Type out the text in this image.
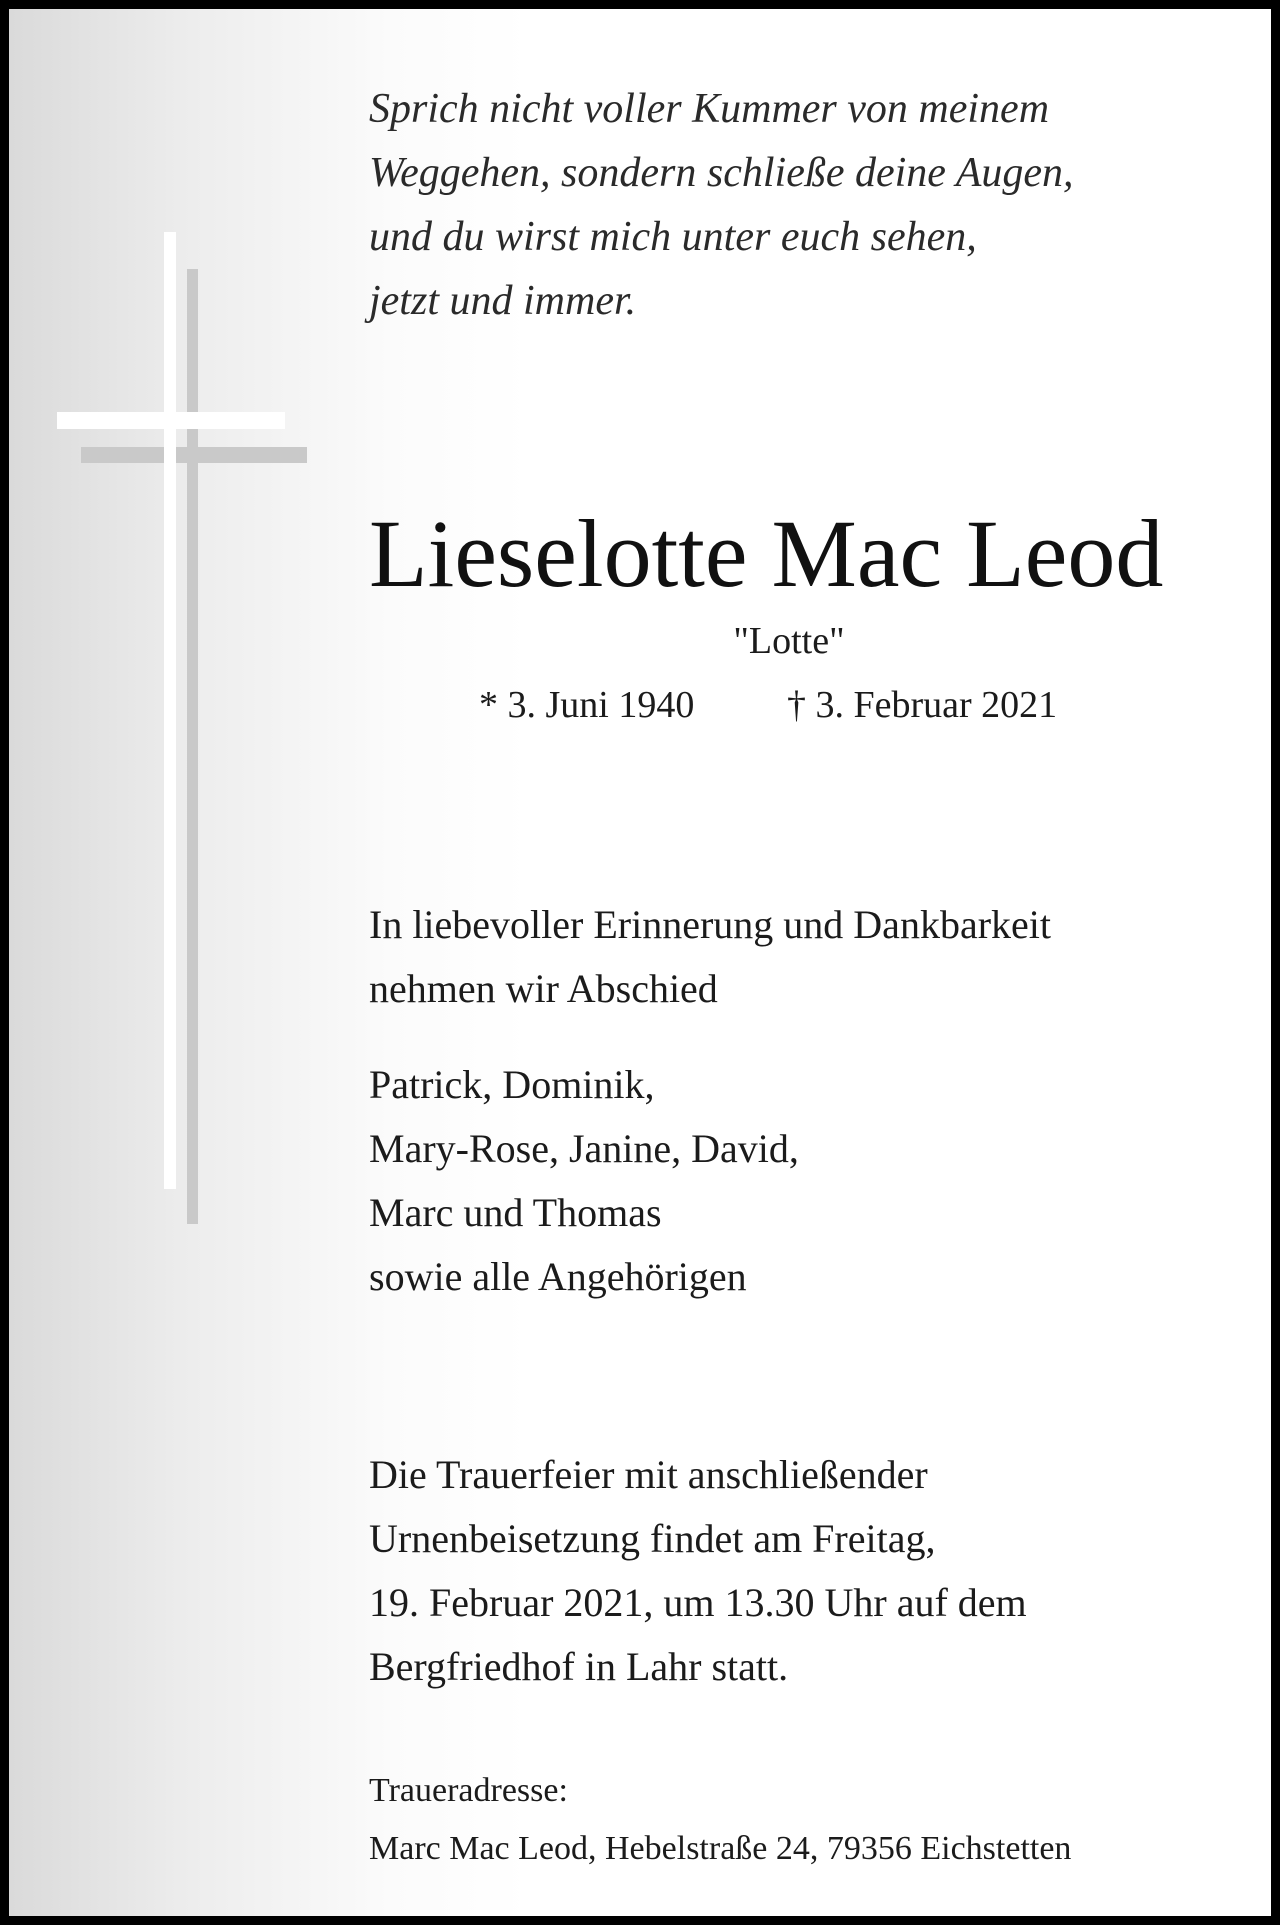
Sprich nicht voller Kummer von meinem
Weggehen, sondern schließe deine Augen,
und du wirst mich unter euch sehen,
jetzt und immer.
Lieselotte Mac Leod
"Lotte"
* 3. Juni 1940 † 3. Februar 2021
In liebevoller Erinnerung und Dankbarkeit
nehmen wir Abschied
Patrick, Dominik,
Mary-Rose, Janine, David,
Marc und Thomas
sowie alle Angehörigen
Die Trauerfeier mit anschließender
Urnenbeisetzung findet am Freitag,
19. Februar 2021, um 13.30 Uhr auf dem
Bergfriedhof in Lahr statt.
Traueradresse:
Marc Mac Leod, Hebelstraße 24, 79356 Eichstetten
